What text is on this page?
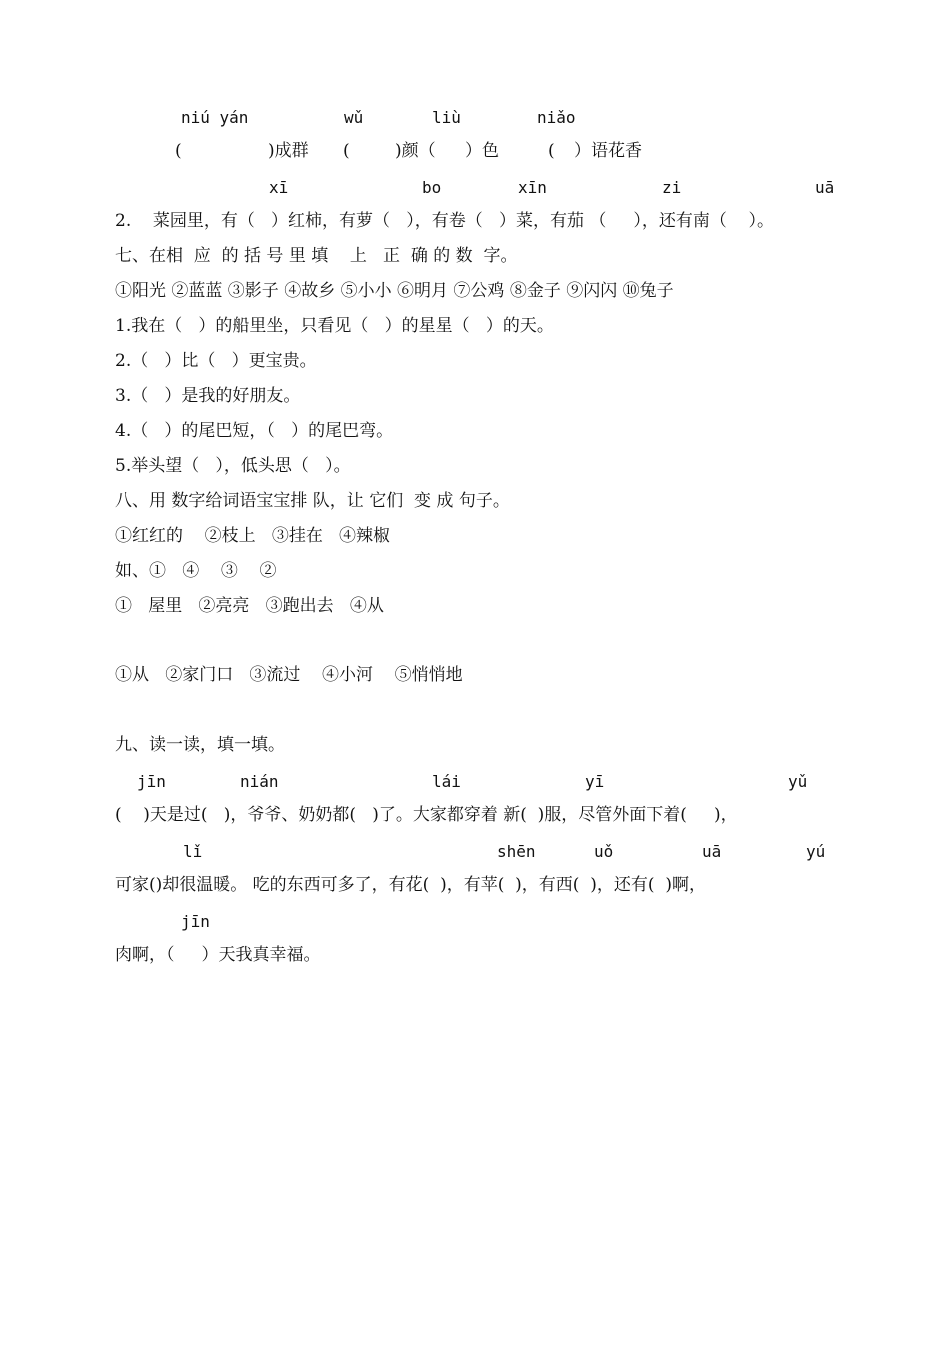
niú yán

	wǔ

	liù

	niǎo

(

	)成群

(

	)颜（

）色

	(

）语花香

xī

	bo

	xīn

	zi

	uā

2.    菜园里，有（   ）红柿，有萝（   ），有卷（   ）菜，有茄 （     ），还有南（    ）。
七、在相  应  的 括 号 里 填    上   正  确 的 数  字。
①阳光 ②蓝蓝 ③影子 ④故乡 ⑤小小 ⑥明月 ⑦公鸡 ⑧金子 ⑨闪闪 ⑩兔子
1.我在（   ）的船里坐，只看见（   ）的星星（   ）的天。
2.（   ）比（   ）更宝贵。
3.（   ）是我的好朋友。
4.（   ）的尾巴短，（   ）的尾巴弯。
5.举头望（   ），低头思（   ）。
八、用 数字给词语宝宝排 队，让 它们  变 成 句子。
①红红的    ②枝上   ③挂在   ④辣椒
如、①   ④    ③    ②
①   屋里   ②亮亮   ③跑出去   ④从
①从   ②家门口   ③流过    ④小河    ⑤悄悄地
九、读一读，填一填。

jīn

	nián

	lái

	yī

	yǔ

(    )天是过(   )，爷爷、奶奶都(   )了。大家都穿着 新(  )服，尽管外面下着(     )，

lǐ

	shēn

	uǒ

	uā

	yú

可家()却很温暖。 吃的东西可多了，有花(  )，有苹(  )，有西(  )，还有(  )啊，

jīn

肉啊，（     ）天我真幸福。
